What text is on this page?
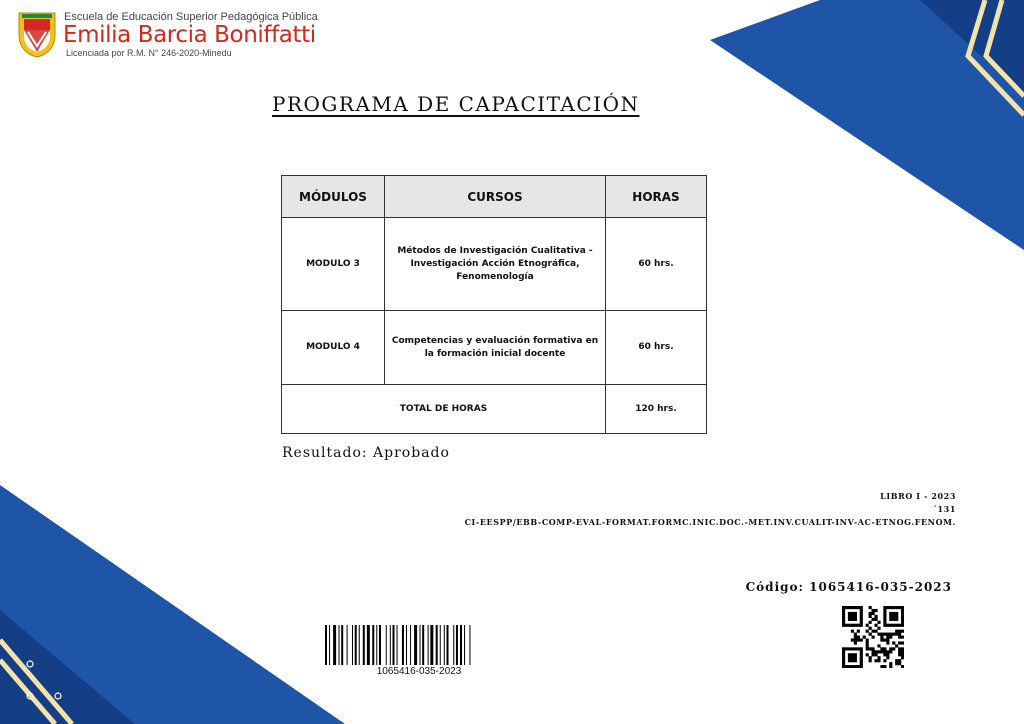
Escuela de Educación Superior Pedagógica Pública
Emilia Barcia Boniffatti
Licenciada por R.M. N° 246-2020-Minedu
PROGRAMA DE CAPACITACIÓN
MÓDULOS	CURSOS	HORAS
MODULO 3	Métodos de Investigación Cualitativa - Investigación Acción Etnográfica, Fenomenología	60 hrs.
MODULO 4	Competencias y evaluación formativa en la formación inicial docente	60 hrs.
TOTAL DE HORAS		120 hrs.
Resultado: Aprobado
LIBRO I - 2023
´131
CI-EESPP/EBB-COMP-EVAL-FORMAT.FORMC.INIC.DOC.-MET.INV.CUALIT-INV-AC-ETNOG.FENOM.
Código: 1065416-035-2023
1065416-035-2023
